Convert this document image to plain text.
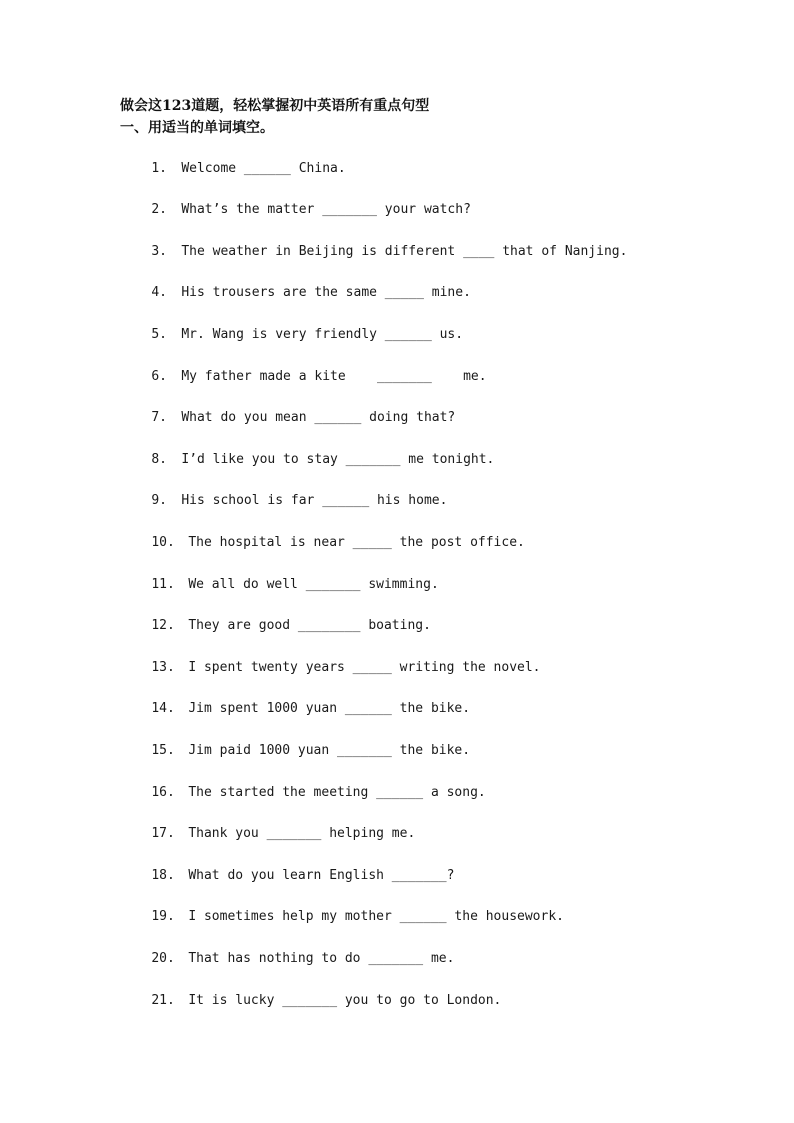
做会这123道题，轻松掌握初中英语所有重点句型
一、用适当的单词填空。

1. Welcome ______ China.

2. What’s the matter _______ your watch?

3. The weather in Beijing is different ____ that of Nanjing.

4. His trousers are the same _____ mine.

5. Mr. Wang is very friendly ______ us.

6. My father made a kite    _______    me.

7. What do you mean ______ doing that?

8. I’d like you to stay _______ me tonight.

9. His school is far ______ his home.

10. The hospital is near _____ the post office.

11. We all do well _______ swimming.

12. They are good ________ boating.

13. I spent twenty years _____ writing the novel.

14. Jim spent 1000 yuan ______ the bike.

15. Jim paid 1000 yuan _______ the bike.

16. The started the meeting ______ a song.

17. Thank you _______ helping me.

18. What do you learn English _______?

19. I sometimes help my mother ______ the housework.

20. That has nothing to do _______ me.

21. It is lucky _______ you to go to London.
